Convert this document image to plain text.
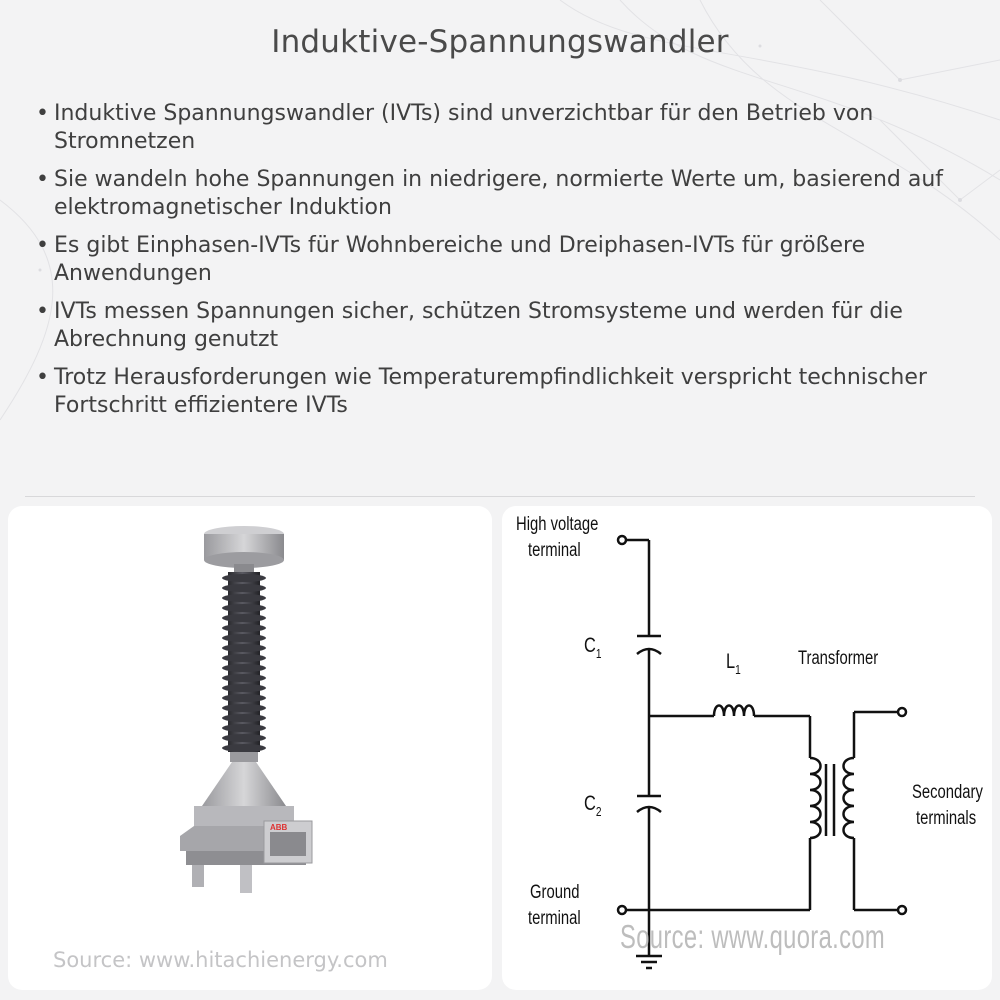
Induktive-Spannungswandler
• Induktive Spannungswandler (IVTs) sind unverzichtbar für den Betrieb von Stromnetzen
• Sie wandeln hohe Spannungen in niedrigere, normierte Werte um, basierend auf elektromagnetischer Induktion
• Es gibt Einphasen-IVTs für Wohnbereiche und Dreiphasen-IVTs für größere Anwendungen
• IVTs messen Spannungen sicher, schützen Stromsysteme und werden für die Abrechnung genutzt
• Trotz Herausforderungen wie Temperaturempfindlichkeit verspricht technischer Fortschritt effizientere IVTs
ABB
Source: www.hitachienergy.com
High voltage
terminal
$C_1$
$C_2$
$L_1$
Transformer
Secondary
terminals
Ground
terminal Source: www.quora.com
